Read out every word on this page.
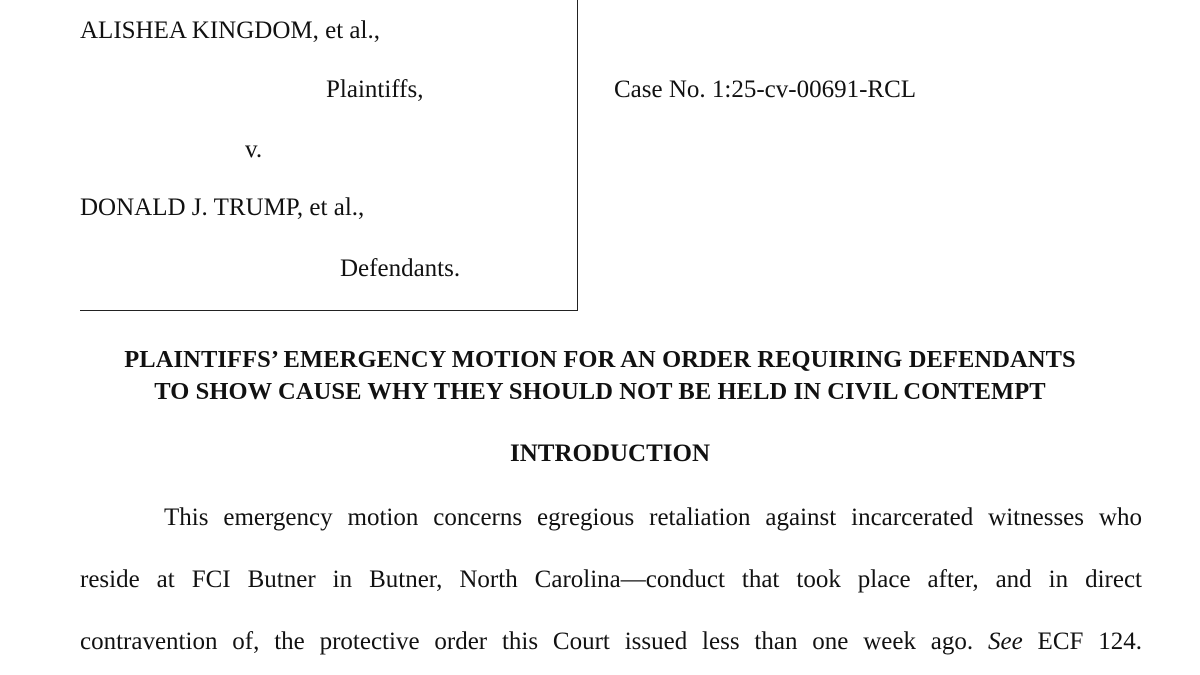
ALISHEA KINGDOM, et al.,
Plaintiffs,
v.
DONALD J. TRUMP, et al.,
Defendants.
Case No. 1:25-cv-00691-RCL
PLAINTIFFS’ EMERGENCY MOTION FOR AN ORDER REQUIRING DEFENDANTS
TO SHOW CAUSE WHY THEY SHOULD NOT BE HELD IN CIVIL CONTEMPT
INTRODUCTION
This emergency motion concerns egregious retaliation against incarcerated witnesses who
reside at FCI Butner in Butner, North Carolina—conduct that took place after, and in direct
contravention of, the protective order this Court issued less than one week ago. See ECF 124.
